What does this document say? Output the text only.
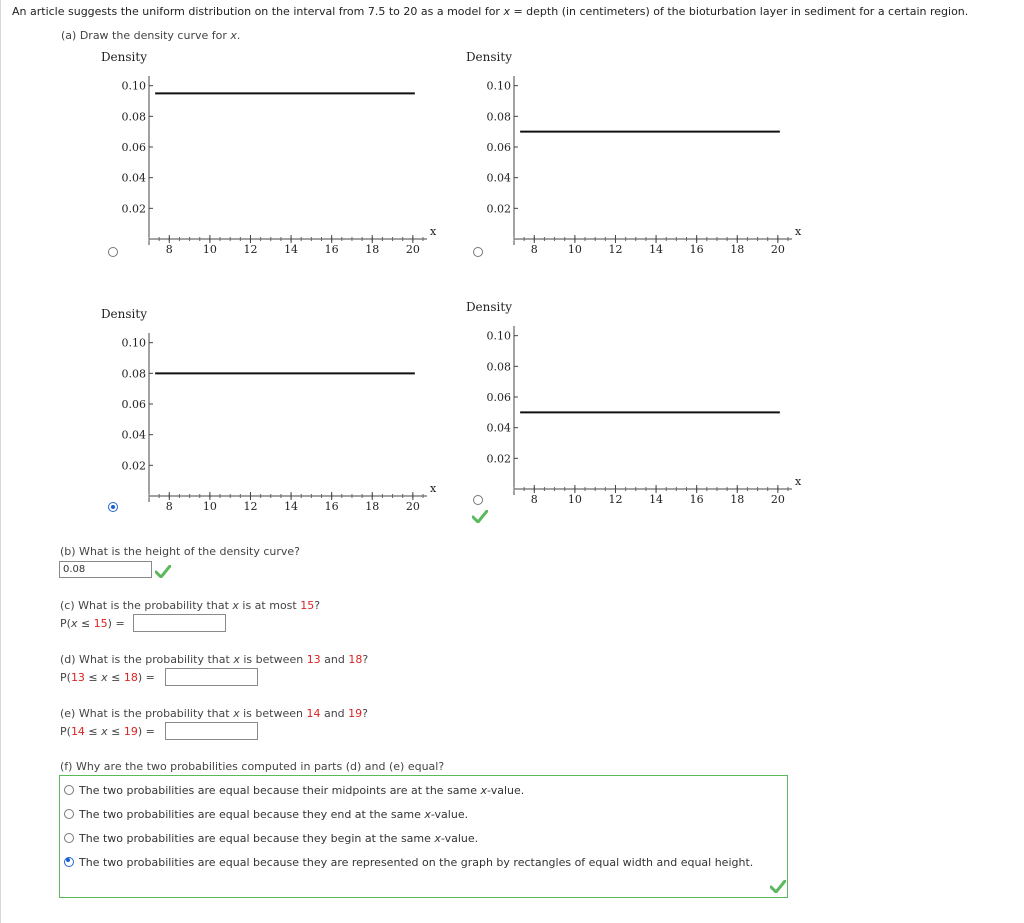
An article suggests the uniform distribution on the interval from 7.5 to 20 as a model for x = depth (in centimeters) of the bioturbation layer in sediment for a certain region.
(a) Draw the density curve for x.
Density
0.10
0.08
0.06
0.04
0.02
8	10 12 14 16 18 20
x
Density
0.10
0.08
0.06
0.04
0.02
8	10 12 14 16 18 20
x
Density
0.10
0.08
0.06
0.04
0.02
8	10 12 14 16 18 20
x
Density
0.10
0.08
0.06
0.04
0.02
8	10 12 14 16 18 20
x
(b) What is the height of the density curve?
0.08
(c) What is the probability that x is at most 15?
P(x ≤ 15) =
(d) What is the probability that x is between 13 and 18?
P(13 ≤ x ≤ 18) =
(e) What is the probability that x is between 14 and 19?
P(14 ≤ x ≤ 19) =
(f) Why are the two probabilities computed in parts (d) and (e) equal?
The two probabilities are equal because their midpoints are at the same x-value.
The two probabilities are equal because they end at the same x-value.
The two probabilities are equal because they begin at the same x-value.
The two probabilities are equal because they are represented on the graph by rectangles of equal width and equal height.
